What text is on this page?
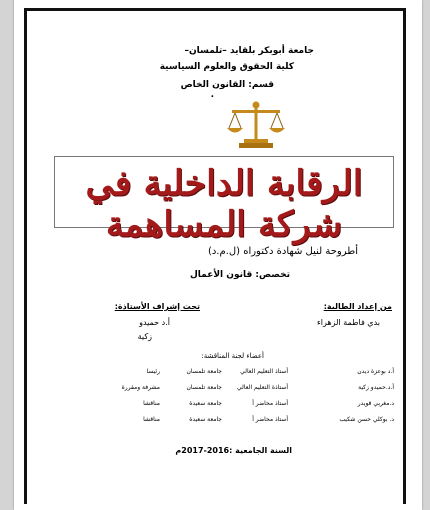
جامعة أبوبكر بلقايد –تلمسان–
كلية الحقوق والعلوم السياسية
قسم: القانون الخاص
.
الرقابة الداخلية في شركة المساهمة
أطروحة لنيل شهادة دكتوراه (ل.م.د)
تخصص: قانون الأعمال
من إعداد الطالبة:
بدي فاطمة الزهراء
تحت إشراف الأستاذة:
أ.د حميدو
زكية
أعضاء لجنة المناقشة:
أ.د بوعزة ديدن
أستاذ التعليم العالي
جامعة تلمسان
رئيسا
أ.د.حميدو زكية
أستاذة التعليم العالي
جامعة تلمسان
مشرفة ومقررة
د.مغربي قويدر
أستاذ محاضر أ
جامعة سعيدة
مناقشا
د. بوكلي حسن شكيب
أستاذ محاضر أ
جامعة سعيدة
مناقشا
السنة الجامعية :2016-2017م
